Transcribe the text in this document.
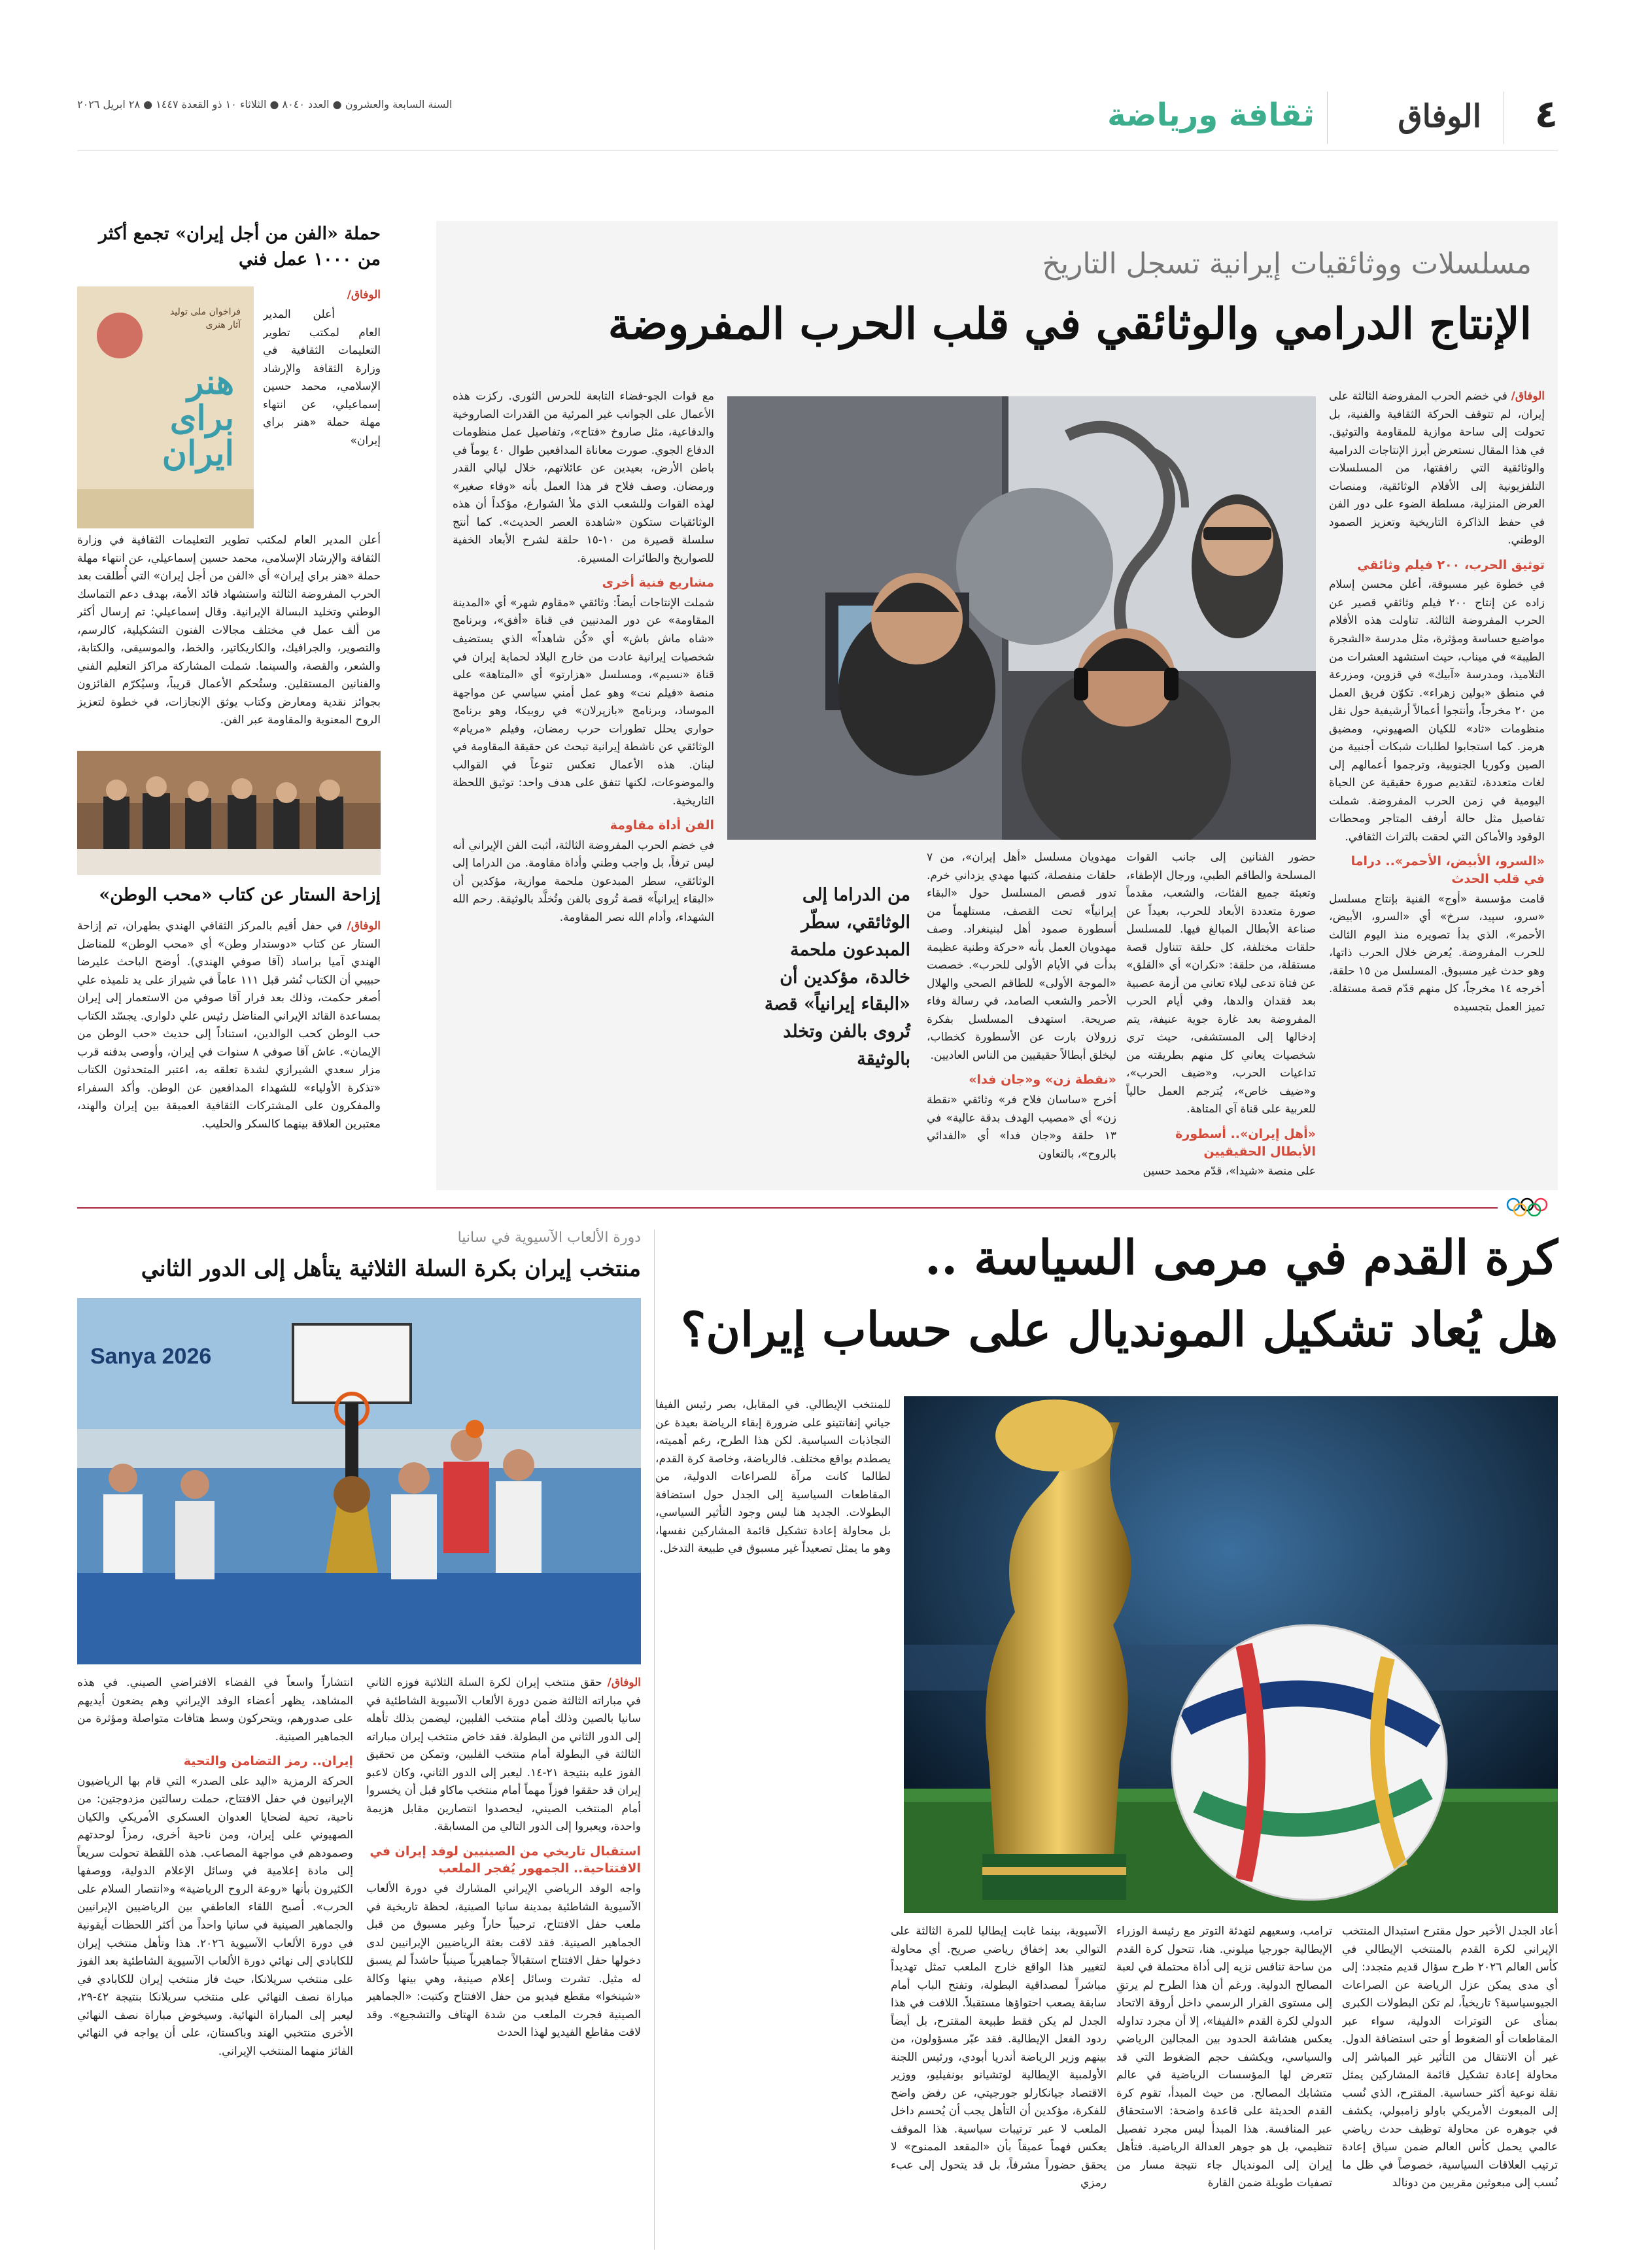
٤
الوفاق
ثقافة ورياضة
السنة السابعة والعشرون ● العدد ٨٠٤٠ ● الثلاثاء ١٠ ذو القعدة ١٤٤٧ ● ٢٨ ابريل ٢٠٢٦
مسلسلات ووثائقيات إيرانية تسجل التاريخ
الإنتاج الدرامي والوثائقي في قلب الحرب المفروضة

الوفاق/ في خضم الحرب المفروضة الثالثة على إيران، لم تتوقف الحركة الثقافية والفنية، بل تحولت إلى ساحة موازية للمقاومة والتوثيق. في هذا المقال نستعرض أبرز الإنتاجات الدرامية والوثائقية التي رافقتها، من المسلسلات التلفزيونية إلى الأفلام الوثائقية، ومنصات العرض المنزلية، مسلطة الضوء على دور الفن في حفظ الذاكرة التاريخية وتعزيز الصمود الوطني.

توثيق الحرب، ٢٠٠ فيلم وثائقي

في خطوة غير مسبوقة، أعلن محسن إسلام زاده عن إنتاج ٢٠٠ فيلم وثائقي قصير عن الحرب المفروضة الثالثة. تناولت هذه الأفلام مواضيع حساسة ومؤثرة، مثل مدرسة «الشجرة الطيبة» في ميناب، حيث استشهد العشرات من التلاميذ، ومدرسة «آبيك» في قزوين، ومزرعة في منطق «بولين زهراء». تكوّن فريق العمل من ٢٠ مخرجاً، وأنتجوا أعمالاً أرشيفية حول نقل منظومات «ثاد» للكيان الصهيوني، ومضيق هرمز. كما استجابوا لطلبات شبكات أجنبية من الصين وكوريا الجنوبية، وترجموا أعمالهم إلى لغات متعددة، لتقديم صورة حقيقية عن الحياة اليومية في زمن الحرب المفروضة. شملت تفاصيل مثل حالة أرفف المتاجر ومحطات الوقود والأماكن التي لحقت بالتراث الثقافي.

«السرو، الأبيض، الأحمر».. دراما في قلب الحدث

قامت مؤسسة «أوج» الفنية بإنتاج مسلسل «سرو، سپید، سرخ» أي «السرو، الأبيض، الأحمر»، الذي بدأ تصويره منذ اليوم الثالث للحرب المفروضة. يُعرض خلال الحرب ذاتها، وهو حدث غير مسبوق. المسلسل من ١٥ حلقة، أخرجه ١٤ مخرجاً، كل منهم قدّم قصة مستقلة. تميز العمل بتجسيده

حضور الفنانين إلى جانب القوات المسلحة والطاقم الطبي، ورجال الإطفاء، وتعبئة جميع الفئات، والشعب، مقدماً صورة متعددة الأبعاد للحرب، بعيداً عن صناعة الأبطال المبالغ فيها. للمسلسل حلقات مختلفة، كل حلقة تتناول قصة مستقلة، من حلقة: «نكران» أي «القلق» عن فتاة تدعى ليلاء تعاني من أزمة عصبية بعد فقدان والدها، وفي أيام الحرب المفروضة بعد غارة جوية عنيفة، يتم إدخالها إلى المستشفى، حيث تري شخصيات يعاني كل منهم بطريقته من تداعيات الحرب، و«ضيف الحرب»، و«ضيف خاص»، يُترجم العمل حالياً للعربية على قناة آي المتاهة.

«أهل إيران».. أسطورة الأبطال الحقيقيين

على منصة «شيدا»، قدّم محمد حسين

مهدويان مسلسل «أهل إيران»، من ٧ حلقات منفصلة، كتبها مهدي يزداني خرم. تدور قصص المسلسل حول «البقاء إيرانياً» تحت القصف، مستلهماً من أسطورة صمود أهل لبنينغراد. وصف مهدويان العمل بأنه «حركة وطنية عظيمة بدأت في الأيام الأولى للحرب». خصصت «الموجة الأولى» للطاقم الصحي والهلال الأحمر والشعب الصامد، في رسالة وفاء صريحة. استهدف المسلسل بفكرة زرولان بارت عن الأسطورة كخطاب، ليخلق أبطالاً حقيقيين من الناس العاديين.

«نقطة زن» و«جان فدا»

أخرج «ساسان فلاح فر» وثائقي «نقطة زن» أي «مصيب الهدف بدقة عالية» في ١٣ حلقة و«جان فدا» أي «الفدائي بالروح»، بالتعاون

من الدراما إلى الوثائقي، سطّر المبدعون ملحمة خالدة، مؤكدين أن «البقاء إيرانياً» قصة تُروى بالفن وتخلد بالوثيقة

مع قوات الجو-فضاء التابعة للحرس الثوري. ركزت هذه الأعمال على الجوانب غير المرئية من القدرات الصاروخية والدفاعية، مثل صاروخ «فتاح»، وتفاصيل عمل منظومات الدفاع الجوي. صورت معاناة المدافعين طوال ٤٠ يوماً في باطن الأرض، بعيدين عن عائلاتهم، خلال ليالي القدر ورمضان. وصف فلاح فر هذا العمل بأنه «وفاء صغير» لهذه القوات وللشعب الذي ملأ الشوارع، مؤكداً أن هذه الوثائقيات ستكون «شاهدة العصر الحديث». كما أنتج سلسلة قصيرة من ١٠-١٥ حلقة لشرح الأبعاد الخفية للصواريخ والطائرات المسيرة.

مشاريع فنية أخرى

شملت الإنتاجات أيضاً: وثائقي «مقاوم شهر» أي «المدينة المقاومة» عن دور المدنيين في قناة «أفق»، وبرنامج «شاه ماش باش» أي «كُن شاهداً» الذي يستضيف شخصيات إيرانية عادت من خارج البلاد لحماية إيران في قناة «نسيم»، ومسلسل «هزارتو» أي «المتاهة» على منصة «فيلم نت» وهو عمل أمني سياسي عن مواجهة الموساد، وبرنامج «بازپرلان» في روبيكا، وهو برنامج حواري يحلل تطورات حرب رمضان، وفيلم «مريام» الوثائقي عن ناشطة إيرانية تبحث عن حقيقة المقاومة في لبنان. هذه الأعمال تعكس تنوعاً في القوالب والموضوعات، لكنها تتفق على هدف واحد: توثيق اللحظة التاريخية.

الفن أداة مقاومة

في خضم الحرب المفروضة الثالثة، أثبت الفن الإيراني أنه ليس ترفاً، بل واجب وطني وأداة مقاومة. من الدراما إلى الوثائقي، سطر المبدعون ملحمة موازية، مؤكدين أن «البقاء إيرانياً» قصة تُروى بالفن وتُخلَّد بالوثيقة. رحم الله الشهداء، وأدام الله نصر المقاومة.

حملة «الفن من أجل إيران» تجمع أكثر من ١٠٠٠ عمل فني
فراخوان ملی تولید آثار هنری
هنر برای ایران

الوفاق/

أعلن المدير العام لمكتب تطوير التعليمات الثقافية في وزارة الثقافة والإرشاد الإسلامي، محمد حسين إسماعيلي، عن انتهاء مهلة حملة «هنر براي إيران»

أعلن المدير العام لمكتب تطوير التعليمات الثقافية في وزارة الثقافة والإرشاد الإسلامي، محمد حسين إسماعيلي، عن انتهاء مهلة حملة «هنر براي إيران» أي «الفن من أجل إيران» التي أُطلقت بعد الحرب المفروضة الثالثة واستشهاد قائد الأمة، بهدف دعم التماسك الوطني وتخليد البسالة الإيرانية. وقال إسماعيلي: تم إرسال أكثر من ألف عمل في مختلف مجالات الفنون التشكيلية، كالرسم، والتصوير، والجرافيك، والكاريكاتير، والخط، والموسيقى، والكتابة، والشعر، والقصة، والسينما. شملت المشاركة مراكز التعليم الفني والفنانين المستقلين. وستُحكم الأعمال قريباً، وسيُكرّم الفائزون بجوائز نقدية ومعارض وكتاب يوثق الإنجازات، في خطوة لتعزيز الروح المعنوية والمقاومة عبر الفن.

إزاحة الستار عن كتاب «محب الوطن»

الوفاق/ في حفل أقيم بالمركز الثقافي الهندي بطهران، تم إزاحة الستار عن كتاب «دوستدار وطن» أي «محب الوطن» للمناضل الهندي آميا براساد (آقا صوفي الهندي). أوضح الباحث عليرضا حبيبي أن الكتاب نُشر قبل ١١١ عاماً في شيراز على يد تلميذه علي أصغر حكمت، وذلك بعد فرار آقا صوفي من الاستعمار إلى إيران بمساعدة القائد الإيراني المناضل رئيس علي دلواري. يجسّد الكتاب حب الوطن كحب الوالدين، استناداً إلى حديث «حب الوطن من الإيمان». عاش آقا صوفي ٨ سنوات في إيران، وأوصى بدفنه قرب مزار سعدي الشيرازي لشدة تعلقه به، اعتبر المتحدثون الكتاب «تذكرة الأولياء» للشهداء المدافعين عن الوطن. وأكد السفراء والمفكرون على المشتركات الثقافية العميقة بين إيران والهند، معتبرين العلاقة بينهما كالسكر والحليب.

كرة القدم في مرمى السياسة ..
هل يُعاد تشكيل المونديال على حساب إيران؟

للمنتخب الإيطالي. في المقابل، بصر رئيس الفيفا جياني إنفانتينو على ضرورة إبقاء الرياضة بعيدة عن التجاذبات السياسية. لكن هذا الطرح، رغم أهميته، يصطدم بواقع مختلف. فالرياضة، وخاصة كرة القدم، لطالما كانت مرآة للصراعات الدولية، من المقاطعات السياسية إلى الجدل حول استضافة البطولات. الجديد هنا ليس وجود التأثير السياسي، بل محاولة إعادة تشكيل قائمة المشاركين نفسها، وهو ما يمثل تصعيداً غير مسبوق في طبيعة التدخل.

أعاد الجدل الأخير حول مقترح استبدال المنتخب الإيراني لكرة القدم بالمنتخب الإيطالي في كأس العالم ٢٠٢٦ طرح سؤال قديم متجدد: إلى أي مدى يمكن عزل الرياضة عن الصراعات الجيوسياسية؟ تاريخياً، لم تكن البطولات الكبرى بمنأى عن التوترات الدولية، سواء عبر المقاطعات أو الضغوط أو حتى استضافة الدول. غير أن الانتقال من التأثير غير المباشر إلى محاولة إعادة تشكيل قائمة المشاركين يمثل نقلة نوعية أكثر حساسية. المقترح، الذي نُسب إلى المبعوث الأمريكي باولو زامبولي، يكشف في جوهره عن محاولة توظيف حدث رياضي عالمي يحمل كأس العالم ضمن سياق إعادة ترتيب العلاقات السياسية، خصوصاً في ظل ما نُسب إلى مبعوثين مقربين من دونالد

ترامب، وسعيهم لتهدئة التوتر مع رئيسة الوزراء الإيطالية جورجيا ميلوني. هنا، تتحول كرة القدم من ساحة تنافس نزيه إلى أداة محتملة في لعبة المصالح الدولية. ورغم أن هذا الطرح لم يرتقِ إلى مستوى القرار الرسمي داخل أروقة الاتحاد الدولي لكرة القدم «الفيفا»، إلا أن مجرد تداوله يعكس هشاشة الحدود بين المجالين الرياضي والسياسي، ويكشف حجم الضغوط التي قد تتعرض لها المؤسسات الرياضية في عالم متشابك المصالح. من حيث المبدأ، تقوم كرة القدم الحديثة على قاعدة واضحة: الاستحقاق عبر المنافسة. هذا المبدأ ليس مجرد تفصيل تنظيمي، بل هو جوهر العدالة الرياضية. فتأهل إيران إلى المونديال جاء نتيجة مسار من تصفيات طويلة ضمن القارة

الآسيوية، بينما غابت إيطاليا للمرة الثالثة على التوالي بعد إخفاق رياضي صريح. أي محاولة لتغيير هذا الواقع خارج الملعب تمثل تهديداً مباشراً لمصداقية البطولة، وتفتح الباب أمام سابقة يصعب احتواؤها مستقبلاً. اللافت في هذا الجدل لم يكن فقط طبيعة المقترح، بل أيضاً ردود الفعل الإيطالية. فقد عبّر مسؤولون، من بينهم وزير الرياضة أندريا أبودي، ورئيس اللجنة الأولمبية الإيطالية لوتشيانو بونفيليو، ووزير الاقتصاد جيانكارلو جورجيتي، عن رفض واضح للفكرة، مؤكدين أن التأهل يجب أن يُحسم داخل الملعب لا عبر ترتيبات سياسية. هذا الموقف يعكس فهماً عميقاً بأن «المقعد الممنوح» لا يحقق حضوراً مشرفاً، بل قد يتحول إلى عبء رمزي

دورة الألعاب الآسيوية في سانيا
منتخب إيران بكرة السلة الثلاثية يتأهل إلى الدور الثاني
Sanya 2026

الوفاق/ حقق منتخب إيران لكرة السلة الثلاثية فوزه الثاني في مباراته الثالثة ضمن دورة الألعاب الآسيوية الشاطئية في سانيا بالصين وذلك أمام منتخب الفلبين، ليضمن بذلك تأهله إلى الدور الثاني من البطولة. فقد خاض منتخب إيران مباراته الثالثة في البطولة أمام منتخب الفلبين، وتمكن من تحقيق الفوز عليه بنتيجة ٢١-١٤. ليعبر إلى الدور الثاني، وكان لاعبو إيران قد حققوا فوزاً مهماً أمام منتخب ماكاو قبل أن يخسروا أمام المنتخب الصيني، ليحصدوا انتصارين مقابل هزيمة واحدة، ويعبروا إلى الدور التالي من المسابقة.

استقبال تاريخي من الصينيين لوفد إيران في الافتتاحية.. الجمهور يُفجر الملعب

واجه الوفد الرياضي الإيراني المشارك في دورة الألعاب الآسيوية الشاطئية بمدينة سانيا الصينية، لحظة تاريخية في ملعب حفل الافتتاح، ترحيباً حاراً وغير مسبوق من قبل الجماهير الصينية. فقد لاقت بعثة الرياضيين الإيرانيين لدى دخولها حفل الافتتاح استقبالاً جماهيرياً صينياً حاشداً لم يسبق له مثيل. تشرت وسائل إعلام صينية، وهي بينها وكالة «شينخوا» مقطع فيديو من حفل الافتتاح وكتبت: «الجماهير الصينية فجرت الملعب من شدة الهتاف والتشجيع». وقد لاقت مقاطع الفيديو لهذا الحدث

انتشاراً واسعاً في الفضاء الافتراضي الصيني. في هذه المشاهد، يظهر أعضاء الوفد الإيراني وهم يضعون أيديهم على صدورهم، ويتحركون وسط هتافات متواصلة ومؤثرة من الجماهير الصينية.

إيران.. رمز التضامن والتحية

الحركة الرمزية «اليد على الصدر» التي قام بها الرياضيون الإيرانيون في حفل الافتتاح، حملت رسالتين مزدوجتين: من ناحية، تحية لضحايا العدوان العسكري الأمريكي والكيان الصهيوني على إيران، ومن ناحية أخرى، رمزاً لوحدتهم وصمودهم في مواجهة المصاعب. هذه اللقطة تحولت سريعاً إلى مادة إعلامية في وسائل الإعلام الدولية، ووصفها الكثيرون بأنها «روعة الروح الرياضية» و«انتصار السلام على الحرب». أصبح اللقاء العاطفي بين الرياضيين الإيرانيين والجماهير الصينية في سانيا واحداً من أكثر اللحظات أيقونية في دورة الألعاب الآسيوية ٢٠٢٦. هذا وتأهل منتخب إيران للكابادي إلى نهائي دورة الألعاب الآسيوية الشاطئية بعد الفوز على منتخب سريلانكا، حيث فاز منتخب إيران للكابادي في مباراة نصف النهائي على منتخب سريلانكا بنتيجة ٤٢-٢٩، ليعبر إلى المباراة النهائية. وسيخوض مباراة نصف النهائي الأخرى منتخبي الهند وباكستان، على أن يواجه في النهائي الفائز منهما المنتخب الإيراني.
